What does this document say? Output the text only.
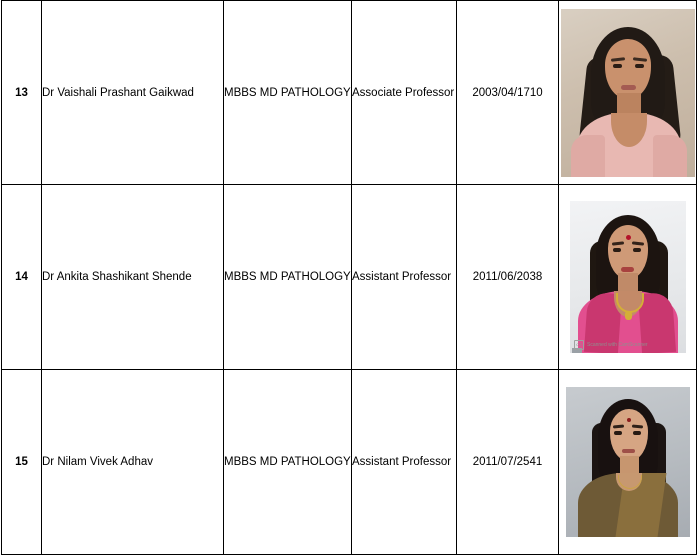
13	Dr Vaishali Prashant Gaikwad	MBBS MD PATHOLOGY	Associate Professor	2003/04/1710	

14	Dr Ankita Shashikant Shende	MBBS MD PATHOLOGY	Assistant Professor	2011/06/2038	CS Scanned with CamScanner

15	Dr Nilam Vivek Adhav	MBBS MD PATHOLOGY	Assistant Professor	2011/07/2541	
